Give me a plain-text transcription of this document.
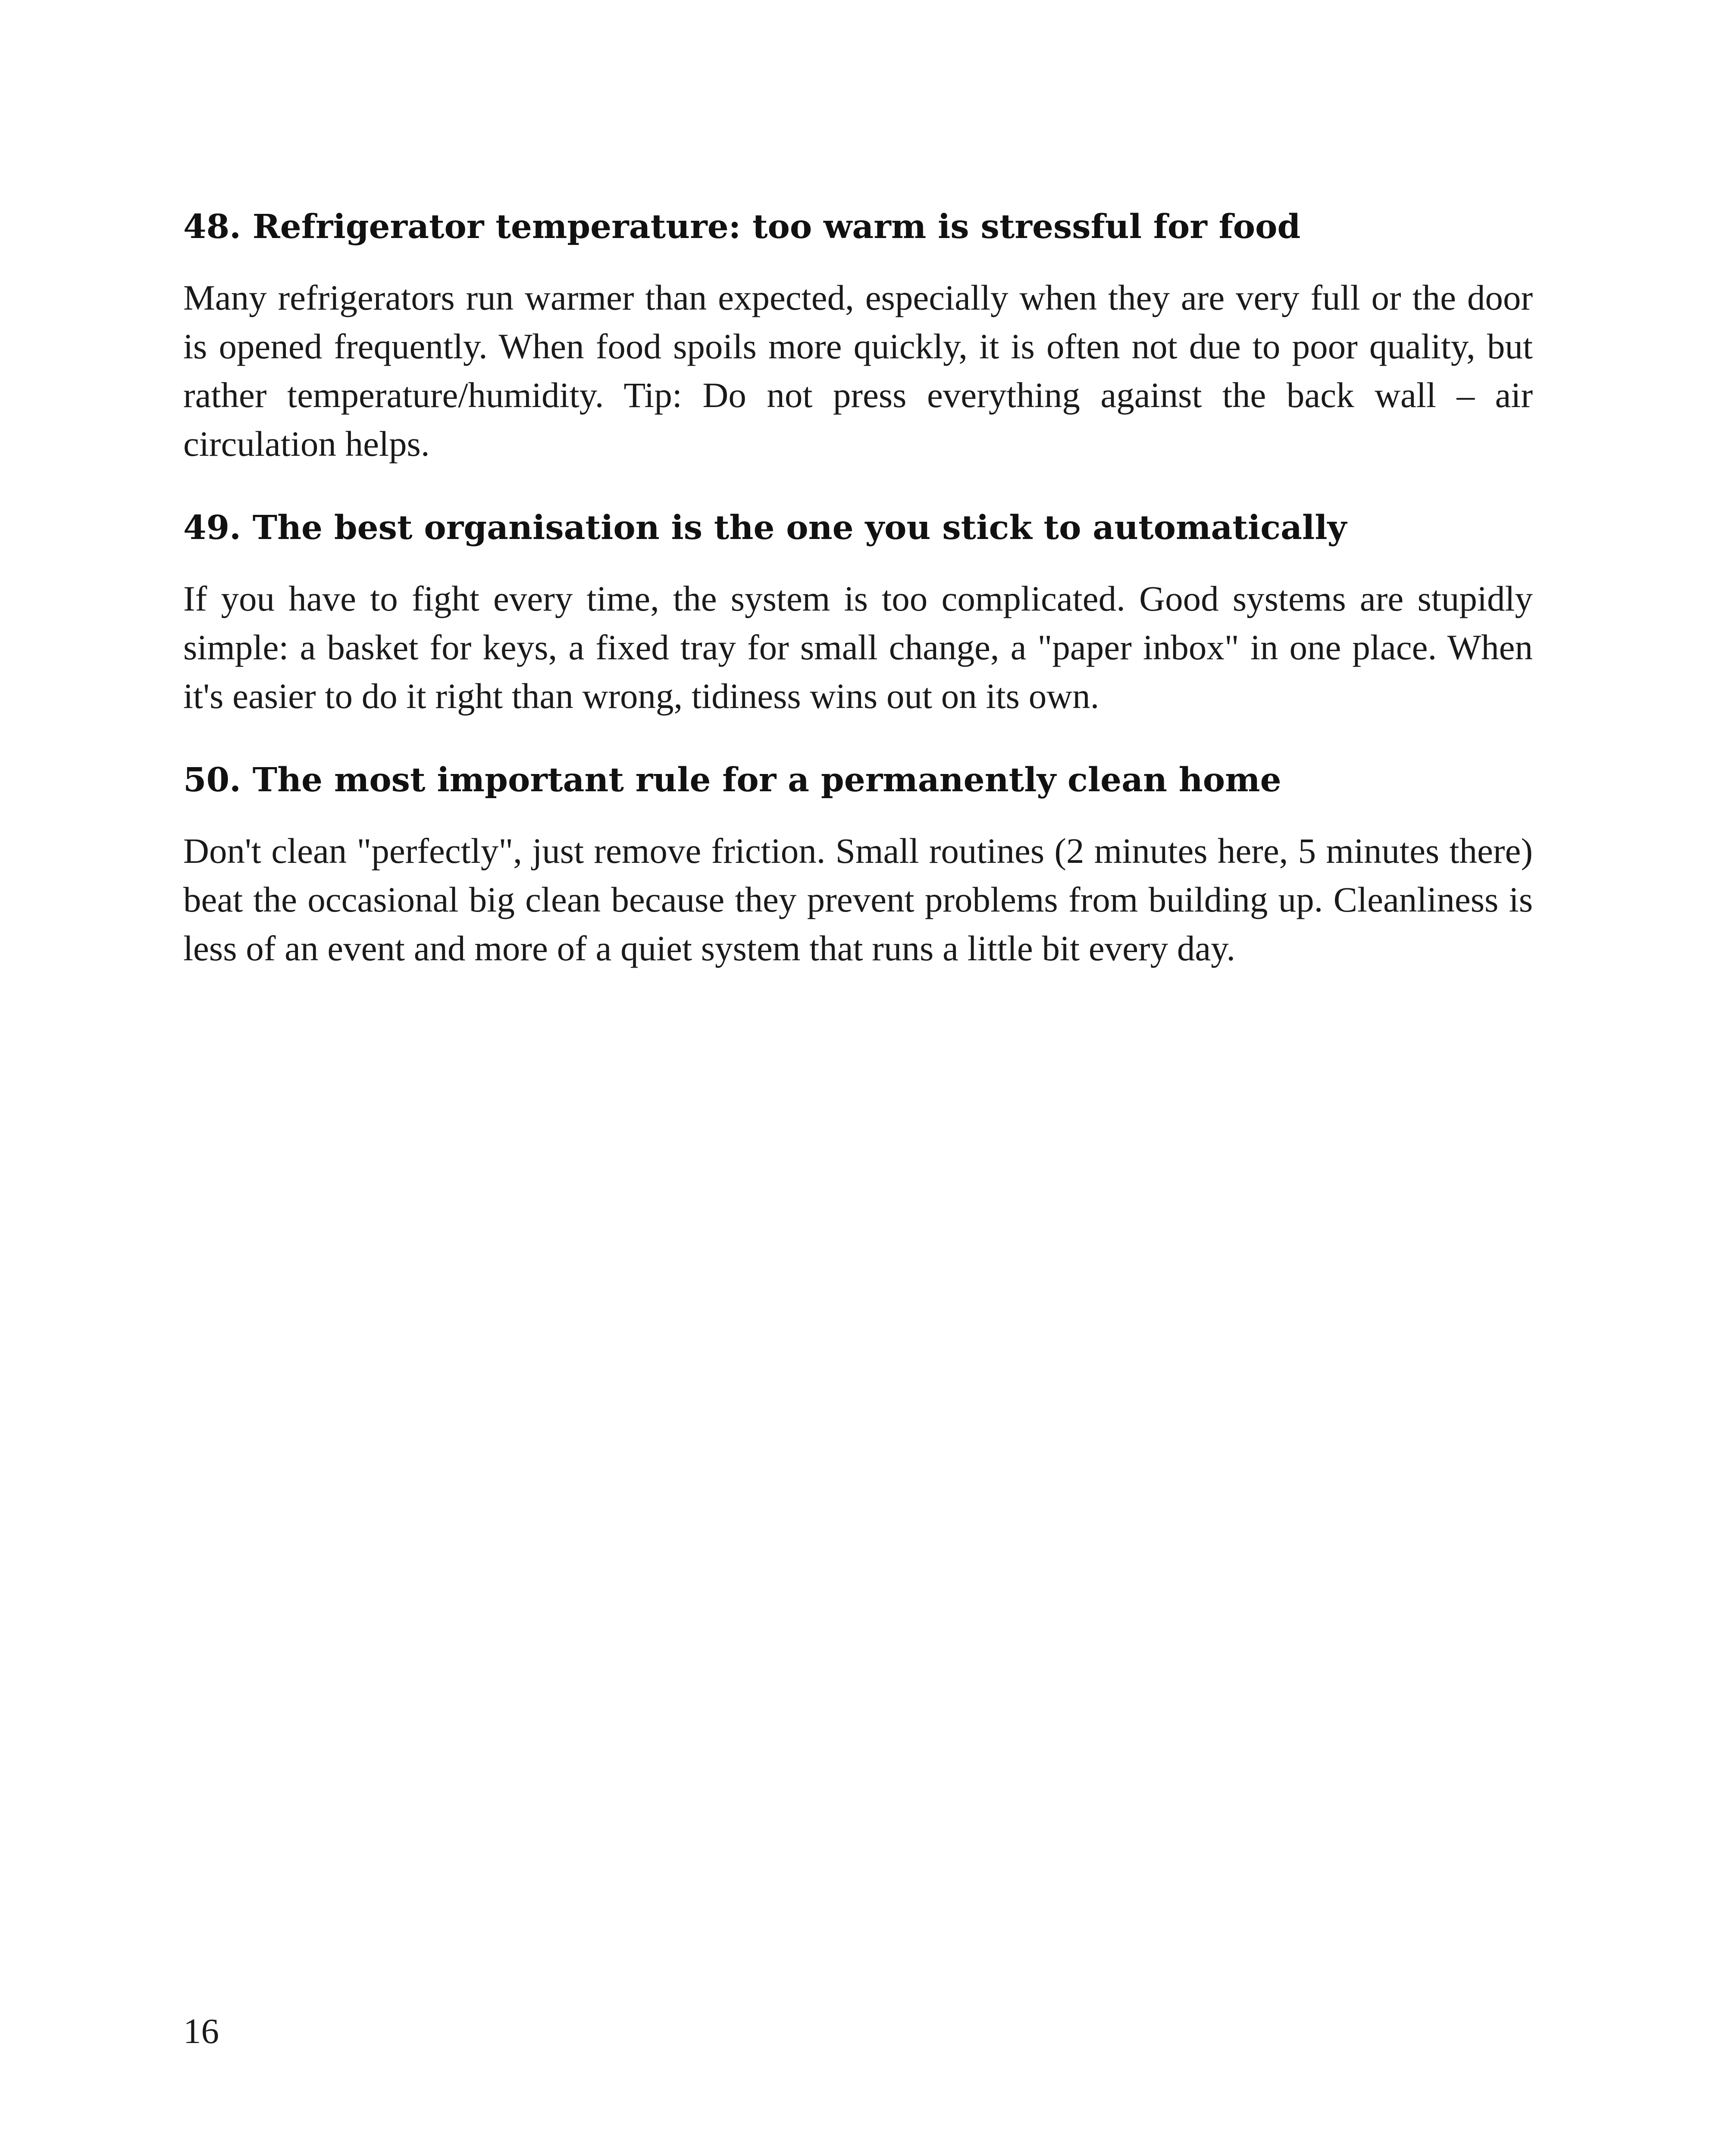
48. Refrigerator temperature: too warm is stressful for food

Many refrigerators run warmer than expected, especially when they are very full or the door is opened frequently. When food spoils more quickly, it is often not due to poor quality, but rather temperature/humidity. Tip: Do not press everything against the back wall – air circulation helps.

49. The best organisation is the one you stick to automatically

If you have to fight every time, the system is too complicated. Good systems are stupidly simple: a basket for keys, a fixed tray for small change, a "paper inbox" in one place. When it's easier to do it right than wrong, tidiness wins out on its own.

50. The most important rule for a permanently clean home

Don't clean "perfectly", just remove friction. Small routines (2 minutes here, 5 minutes there) beat the occasional big clean because they prevent problems from building up. Cleanliness is less of an event and more of a quiet system that runs a little bit every day.

16
